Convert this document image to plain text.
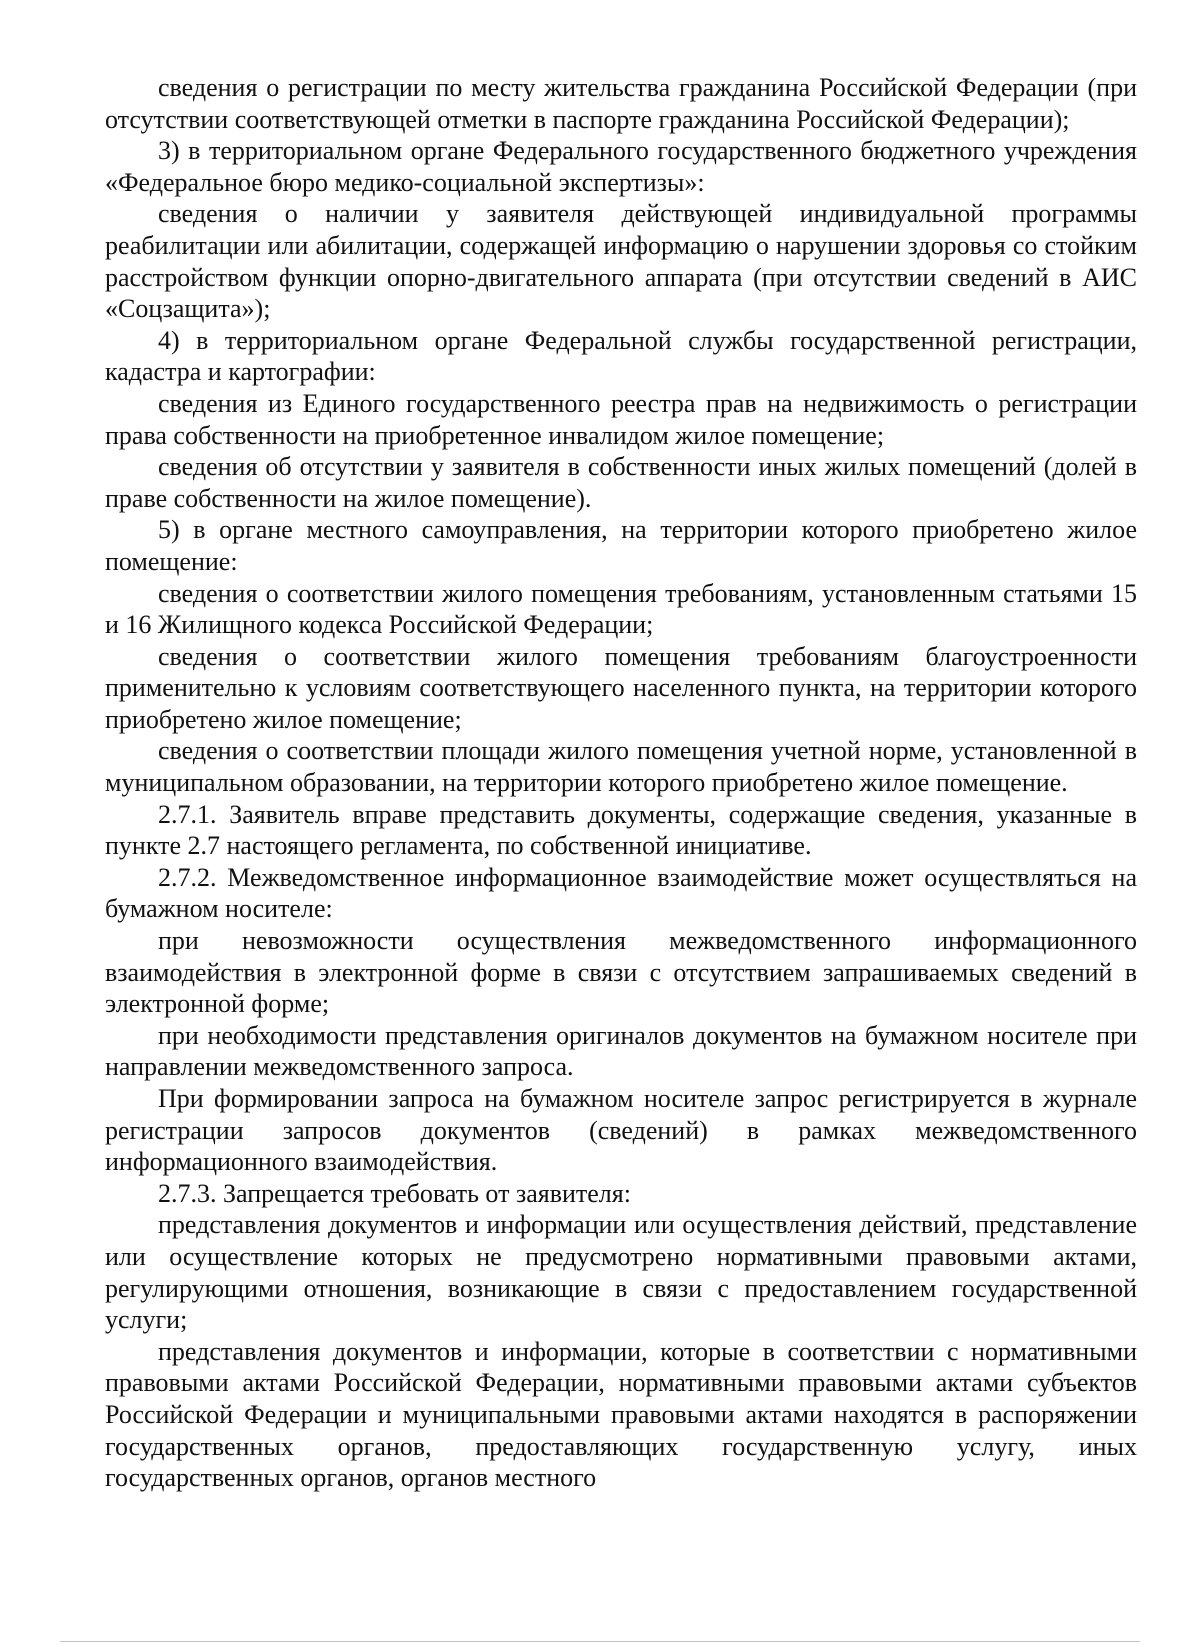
сведения о регистрации по месту жительства гражданина Российской Федерации (при отсутствии соответствующей отметки в паспорте гражданина Российской Федерации);

3) в территориальном органе Федерального государственного бюджетного учреждения «Федеральное бюро медико-социальной экспертизы»:

сведения о наличии у заявителя действующей индивидуальной программы реабилитации или абилитации, содержащей информацию о нарушении здоровья со стойким расстройством функции опорно-двигательного аппарата (при отсутствии сведений в АИС «Соцзащита»);

4) в территориальном органе Федеральной службы государственной регистрации, кадастра и картографии:

сведения из Единого государственного реестра прав на недвижимость о регистрации права собственности на приобретенное инвалидом жилое помещение;

сведения об отсутствии у заявителя в собственности иных жилых помещений (долей в праве собственности на жилое помещение).

5) в органе местного самоуправления, на территории которого приобретено жилое помещение:

сведения о соответствии жилого помещения требованиям, установленным статьями 15 и 16 Жилищного кодекса Российской Федерации;

сведения о соответствии жилого помещения требованиям благоустроенности применительно к условиям соответствующего населенного пункта, на территории которого приобретено жилое помещение;

сведения о соответствии площади жилого помещения учетной норме, установленной в муниципальном образовании, на территории которого приобретено жилое помещение.

2.7.1. Заявитель вправе представить документы, содержащие сведения, указанные в пункте 2.7 настоящего регламента, по собственной инициативе.

2.7.2. Межведомственное информационное взаимодействие может осуществляться на бумажном носителе:

при невозможности осуществления межведомственного информационного взаимодействия в электронной форме в связи с отсутствием запрашиваемых сведений в электронной форме;

при необходимости представления оригиналов документов на бумажном носителе при направлении межведомственного запроса.

При формировании запроса на бумажном носителе запрос регистрируется в журнале регистрации запросов документов (сведений) в рамках межведомственного информационного взаимодействия.

2.7.3. Запрещается требовать от заявителя:

представления документов и информации или осуществления действий, представление или осуществление которых не предусмотрено нормативными правовыми актами, регулирующими отношения, возникающие в связи с предоставлением государственной услуги;

представления документов и информации, которые в соответствии с нормативными правовыми актами Российской Федерации, нормативными правовыми актами субъектов Российской Федерации и муниципальными правовыми актами находятся в распоряжении государственных органов, предоставляющих государственную услугу, иных государственных органов, органов местного
